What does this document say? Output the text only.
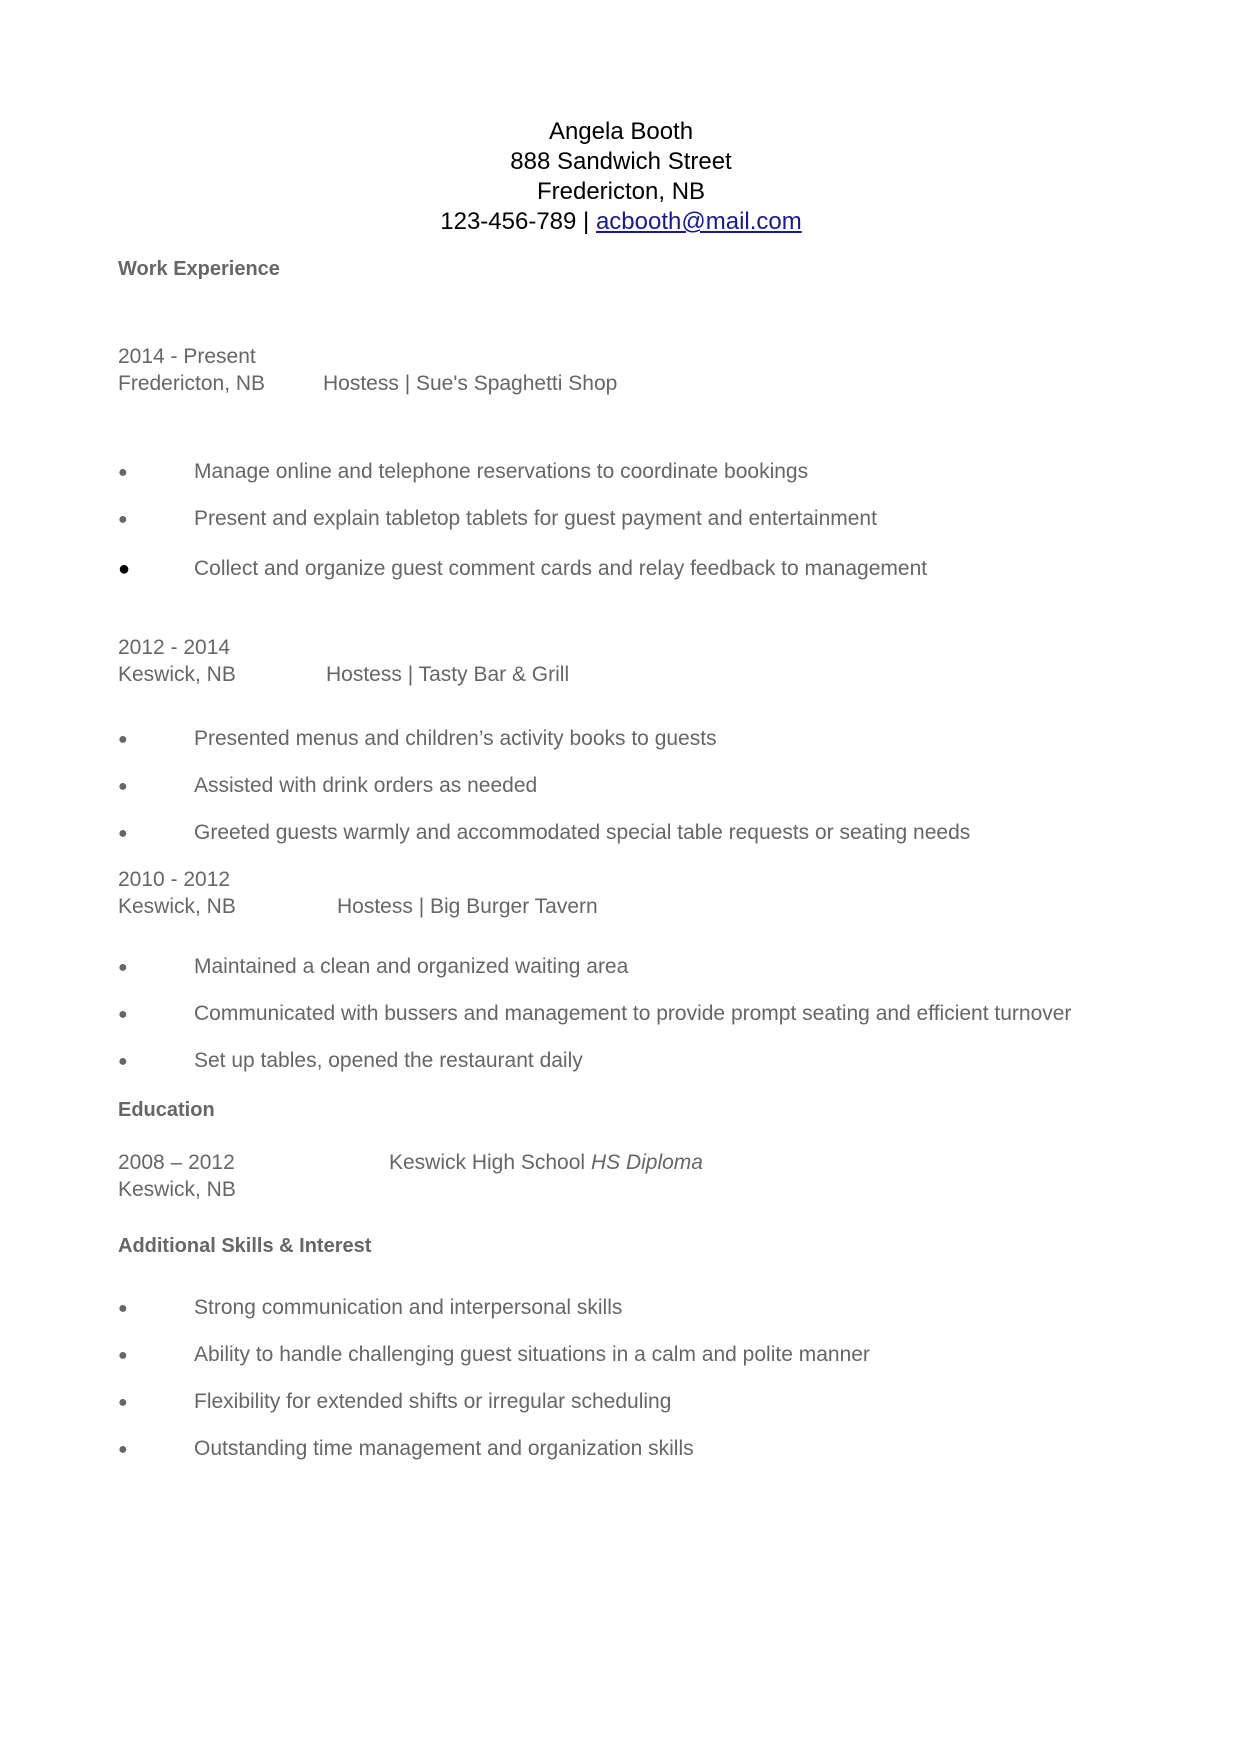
Angela Booth
888 Sandwich Street
Fredericton, NB
123-456-789 | acbooth@mail.com
Work Experience
2014 - Present
Fredericton, NB	Hostess | Sue's Spaghetti Shop
●	Manage online and telephone reservations to coordinate bookings
●	Present and explain tabletop tablets for guest payment and entertainment
●	Collect and organize guest comment cards and relay feedback to management
2012 - 2014
Keswick, NB	Hostess | Tasty Bar & Grill
●	Presented menus and children’s activity books to guests
●	Assisted with drink orders as needed
●	Greeted guests warmly and accommodated special table requests or seating needs
2010 - 2012
Keswick, NB	Hostess | Big Burger Tavern
●	Maintained a clean and organized waiting area
●	Communicated with bussers and management to provide prompt seating and efficient turnover
●	Set up tables, opened the restaurant daily
Education
2008 – 2012	Keswick High School HS Diploma
Keswick, NB
Additional Skills & Interest
●	Strong communication and interpersonal skills
●	Ability to handle challenging guest situations in a calm and polite manner
●	Flexibility for extended shifts or irregular scheduling
●	Outstanding time management and organization skills
